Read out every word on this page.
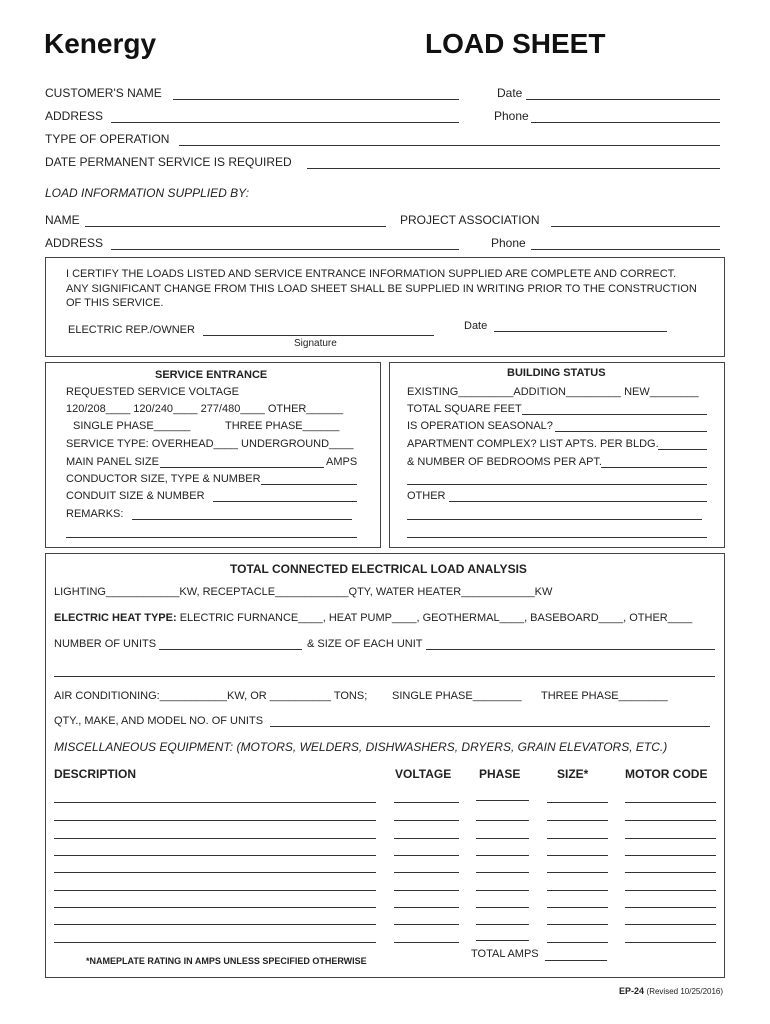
Kenergy	LOAD SHEET
CUSTOMER'S NAME	Date
ADDRESS	Phone
TYPE OF OPERATION
DATE PERMANENT SERVICE IS REQUIRED
LOAD INFORMATION SUPPLIED BY:
NAME	PROJECT ASSOCIATION
ADDRESS	Phone
I CERTIFY THE LOADS LISTED AND SERVICE ENTRANCE INFORMATION SUPPLIED ARE COMPLETE AND CORRECT.
ANY SIGNIFICANT CHANGE FROM THIS LOAD SHEET SHALL BE SUPPLIED IN WRITING PRIOR TO THE CONSTRUCTION
OF THIS SERVICE.
ELECTRIC REP./OWNER	Date
Signature
SERVICE ENTRANCE
REQUESTED SERVICE VOLTAGE
120/208____ 120/240____ 277/480____ OTHER______
SINGLE PHASE______	THREE PHASE______
SERVICE TYPE: OVERHEAD____ UNDERGROUND____
MAIN PANEL SIZE	AMPS
CONDUCTOR SIZE, TYPE & NUMBER
CONDUIT SIZE & NUMBER
REMARKS:
BUILDING STATUS
EXISTING_________ADDITION_________ NEW________
TOTAL SQUARE FEET
IS OPERATION SEASONAL?
APARTMENT COMPLEX? LIST APTS. PER BLDG.
& NUMBER OF BEDROOMS PER APT.
OTHER
TOTAL CONNECTED ELECTRICAL LOAD ANALYSIS
LIGHTING____________KW, RECEPTACLE____________QTY, WATER HEATER____________KW
ELECTRIC HEAT TYPE: ELECTRIC FURNANCE____, HEAT PUMP____, GEOTHERMAL____, BASEBOARD____, OTHER____
NUMBER OF UNITS	& SIZE OF EACH UNIT
AIR CONDITIONING:___________KW, OR __________ TONS; SINGLE PHASE________ THREE PHASE________
QTY., MAKE, AND MODEL NO. OF UNITS
MISCELLANEOUS EQUIPMENT: (MOTORS, WELDERS, DISHWASHERS, DRYERS, GRAIN ELEVATORS, ETC.)
DESCRIPTION	VOLTAGE PHASE	SIZE*	MOTOR CODE
TOTAL AMPS
*NAMEPLATE RATING IN AMPS UNLESS SPECIFIED OTHERWISE
EP-24 (Revised 10/25/2016)
